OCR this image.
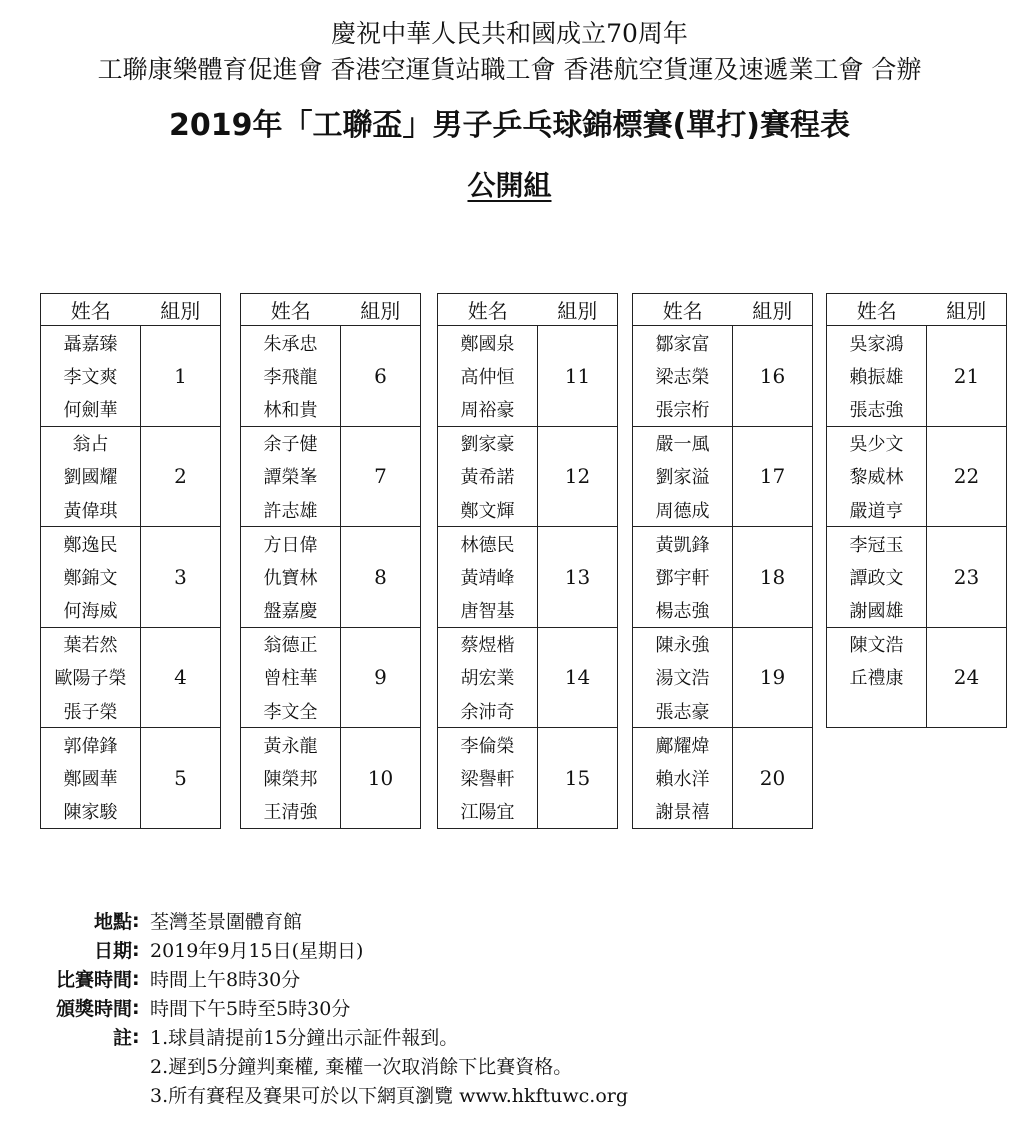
慶祝中華人民共和國成立70周年
工聯康樂體育促進會 香港空運貨站職工會 香港航空貨運及速遞業工會 合辦
2019年「工聯盃」男子乒乓球錦標賽(單打)賽程表
公開組
姓名	組別
聶嘉臻	1
李文爽	
何劍華	
翁占	2
劉國耀	
黃偉琪	
鄭逸民	3
鄭錦文	
何海威	
葉若然	4
歐陽子榮	
張子榮	
郭偉鋒	5
鄭國華	
陳家駿	
姓名	組別
朱承忠	6
李飛龍	
林和貴	
余子健	7
譚榮峯	
許志雄	
方日偉	8
仇寶林	
盤嘉慶	
翁德正	9
曾柱華	
李文全	
黃永龍	10
陳榮邦	
王清強	
姓名	組別
鄭國泉	11
高仲恒	
周裕豪	
劉家豪	12
黃希諾	
鄭文輝	
林德民	13
黃靖峰	
唐智基	
蔡煜楷	14
胡宏業	
余沛奇	
李倫榮	15
梁譽軒	
江陽宜	
姓名	組別
鄒家富	16
梁志榮	
張宗桁	
嚴一風	17
劉家溢	
周德成	
黃凱鋒	18
鄧宇軒	
楊志強	
陳永強	19
湯文浩	
張志豪	
鄺耀煒	20
賴水洋	
謝景禧	
姓名	組別
吳家鴻	21
賴振雄	
張志強	
吳少文	22
黎威林	
嚴道亨	
李冠玉	23
譚政文	
謝國雄	
陳文浩	24
丘禮康	

地點 : 荃灣荃景圍體育館
日期 : 2019年9月15日(星期日)
比賽時間 : 時間上午8時30分
頒獎時間 : 時間下午5時至5時30分
註 : 1.球員請提前15分鐘出示証件報到。
2.遲到5分鐘判棄權, 棄權一次取消餘下比賽資格。
3.所有賽程及賽果可於以下網頁瀏覽 www.hkftuwc.org
